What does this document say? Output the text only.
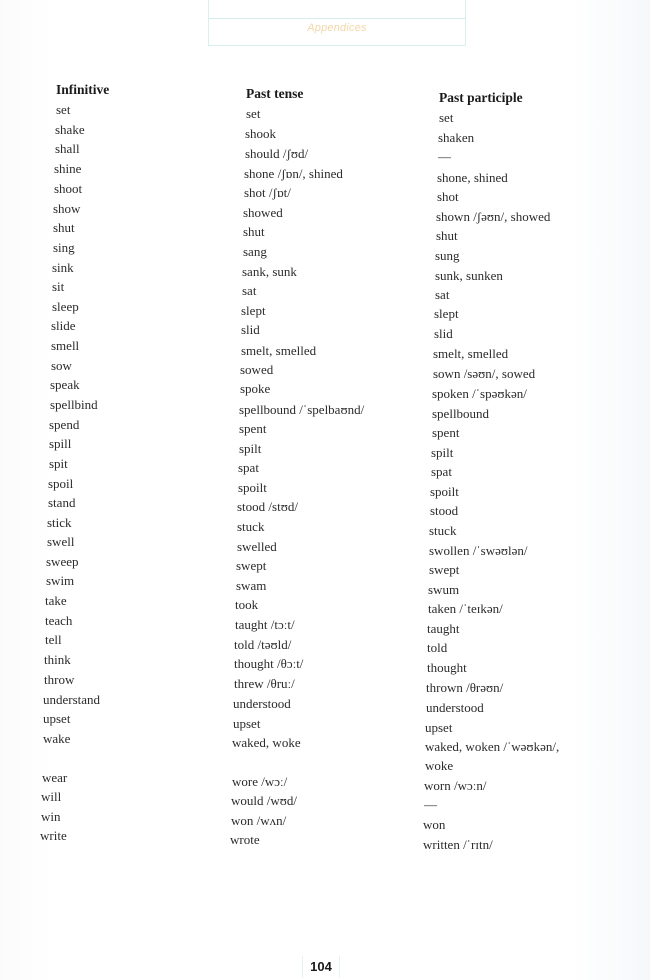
Appendices
Infinitive
set
shake
shall
shine
shoot
show
shut
sing
sink
sit
sleep
slide
smell
sow
speak
spellbind
spend
spill
spit
spoil
stand
stick
swell
sweep
swim
take
teach
tell
think
throw
understand
upset
wake
wear
will
win
write
Past tense
set
shook
should /ʃʊd/
shone /ʃɒn/, shined
shot /ʃɒt/
showed
shut
sang
sank, sunk
sat
slept
slid
smelt, smelled
sowed
spoke
spellbound /ˈspelbaʊnd/
spent
spilt
spat
spoilt
stood /stʊd/
stuck
swelled
swept
swam
took
taught /tɔːt/
told /təʊld/
thought /θɔːt/
threw /θruː/
understood
upset
waked, woke
wore /wɔː/
would /wʊd/
won /wʌn/
wrote
Past participle
set
shaken
—
shone, shined
shot
shown /ʃəʊn/, showed
shut
sung
sunk, sunken
sat
slept
slid
smelt, smelled
sown /səʊn/, sowed
spoken /ˈspəʊkən/
spellbound
spent
spilt
spat
spoilt
stood
stuck
swollen /ˈswəʊlən/
swept
swum
taken /ˈteɪkən/
taught
told
thought
thrown /θrəʊn/
understood
upset
waked, woken /ˈwəʊkən/,
woke
worn /wɔːn/
—
won
written /ˈrɪtn/
104
